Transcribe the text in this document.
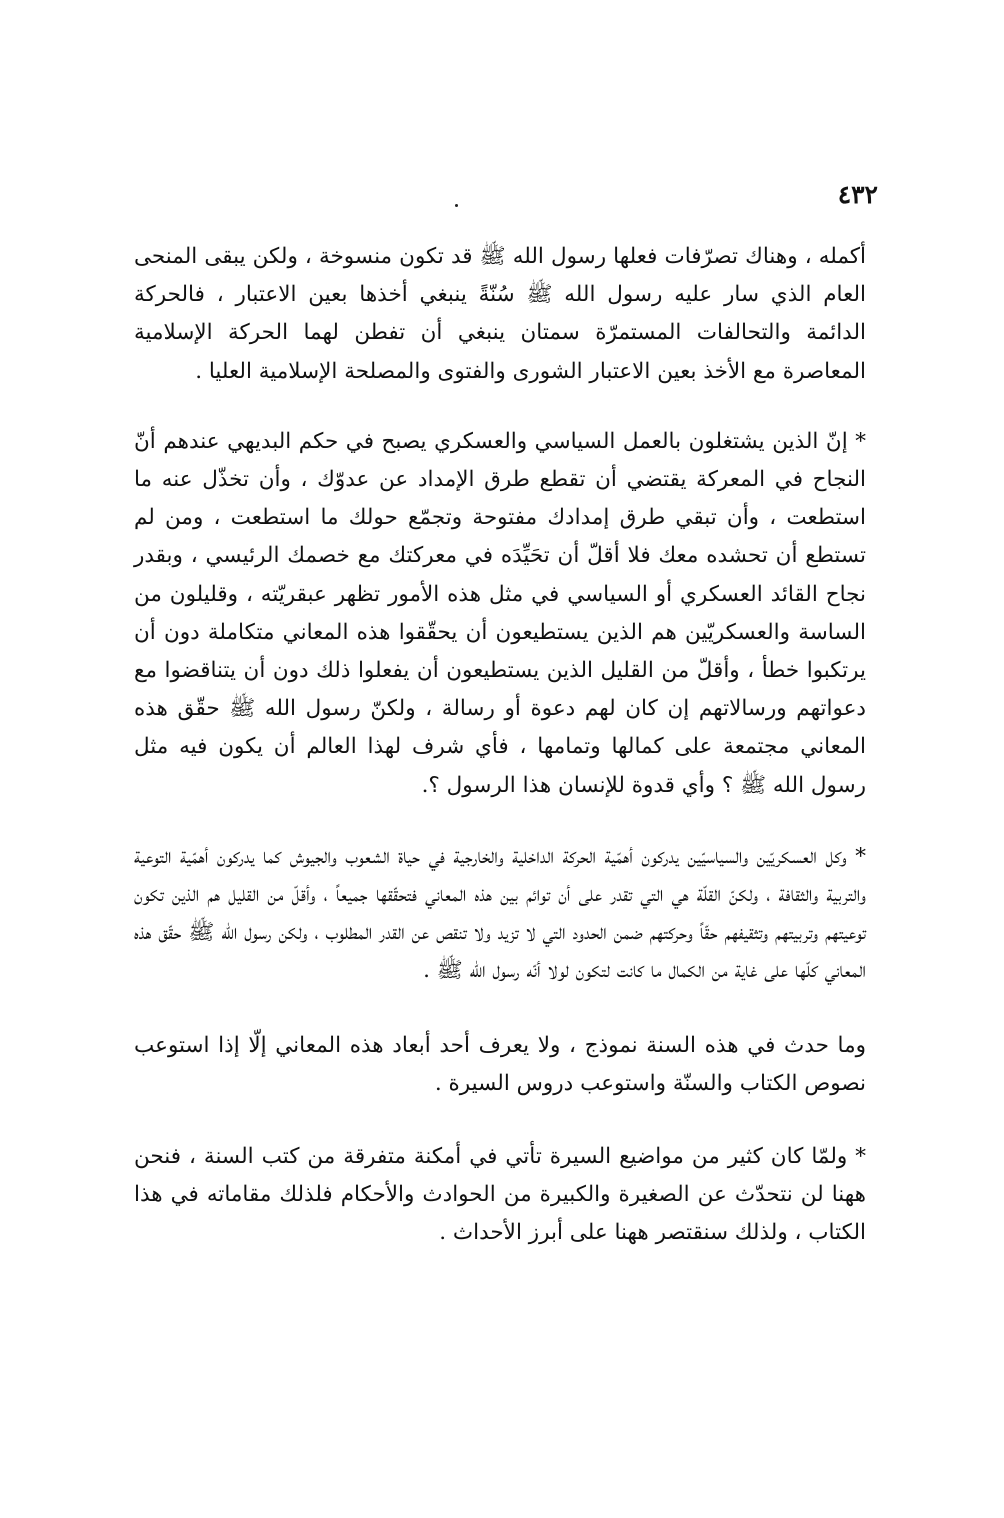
٤٣٢

أكمله ، وهناك تصرّفات فعلها رسول الله ﷺ قد تكون منسوخة ، ولكن يبقى المنحى العام الذي سار عليه رسول الله ﷺ سُنّةً ينبغي أخذها بعين الاعتبار ، فالحركة الدائمة والتحالفات المستمرّة سمتان ينبغي أن تفطن لهما الحركة الإسلامية المعاصرة مع الأخذ بعين الاعتبار الشورى والفتوى والمصلحة الإسلامية العليا .

* إنّ الذين يشتغلون بالعمل السياسي والعسكري يصبح في حكم البديهي عندهم أنّ النجاح في المعركة يقتضي أن تقطع طرق الإمداد عن عدوّك ، وأن تخذّل عنه ما استطعت ، وأن تبقي طرق إمدادك مفتوحة وتجمّع حولك ما استطعت ، ومن لم تستطع أن تحشده معك فلا أقلّ أن تحَيِّدَه في معركتك مع خصمك الرئيسي ، وبقدر نجاح القائد العسكري أو السياسي في مثل هذه الأمور تظهر عبقريّته ، وقليلون من الساسة والعسكريّين هم الذين يستطيعون أن يحقّقوا هذه المعاني متكاملة دون أن يرتكبوا خطأ ، وأقلّ من القليل الذين يستطيعون أن يفعلوا ذلك دون أن يتناقضوا مع دعواتهم ورسالاتهم إن كان لهم دعوة أو رسالة ، ولكنّ رسول الله ﷺ حقّق هذه المعاني مجتمعة على كمالها وتمامها ، فأي شرف لهذا العالم أن يكون فيه مثل رسول الله ﷺ ؟ وأي قدوة للإنسان هذا الرسول ؟.

* وكل العسكريّين والسياسيّين يدركون أهمّية الحركة الداخلية والخارجية في حياة الشعوب والجيوش كما يدركون أهمّية التوعية والتربية والثقافة ، ولكنّ القلّة هي التي تقدر على أن توائم بين هذه المعاني فتحقّقها جميعاً ، وأقلّ من القليل هم الذين تكون توعيتهم وتربيتهم وتثقيفهم حقّاً وحركتهم ضمن الحدود التي لا تزيد ولا تنقص عن القدر المطلوب ، ولكن رسول الله ﷺ حقّق هذه المعاني كلّها على غاية من الكمال ما كانت لتكون لولا أنّه رسول الله ﷺ .

وما حدث في هذه السنة نموذج ، ولا يعرف أحد أبعاد هذه المعاني إلّا إذا استوعب نصوص الكتاب والسنّة واستوعب دروس السيرة .

* ولمّا كان كثير من مواضيع السيرة تأتي في أمكنة متفرقة من كتب السنة ، فنحن ههنا لن نتحدّث عن الصغيرة والكبيرة من الحوادث والأحكام فلذلك مقاماته في هذا الكتاب ، ولذلك سنقتصر ههنا على أبرز الأحداث .
